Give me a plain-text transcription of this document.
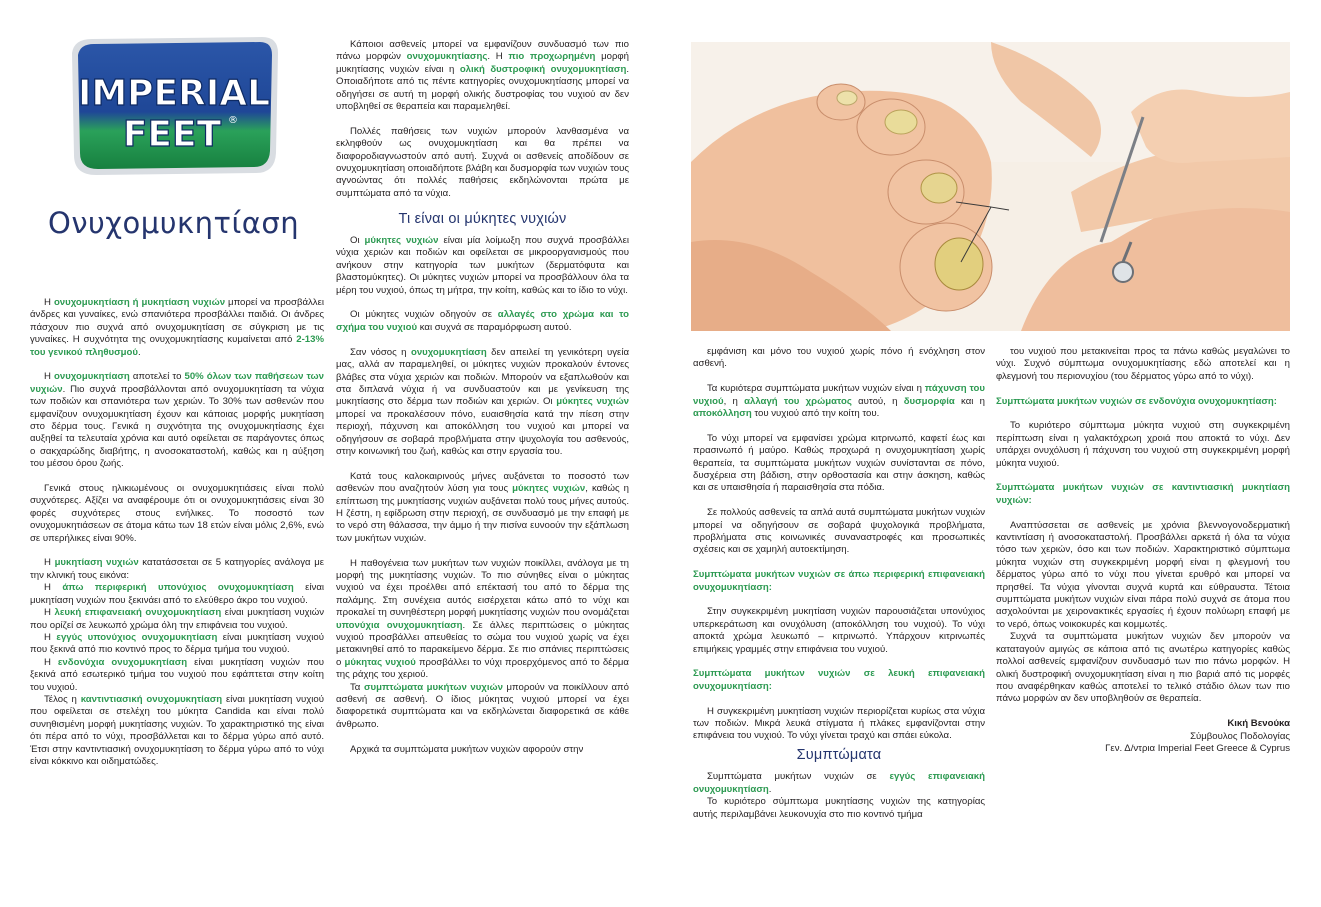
IMPERIAL
FEET ®
Ονυχομυκητίαση

Η ονυχομυκητίαση ή μυκητίαση νυχιών μπορεί να προσβάλλει άνδρες και γυναίκες, ενώ σπανιότερα προσβάλλει παιδιά. Οι άνδρες πάσχουν πιο συχνά από ονυχομυκητίαση σε σύγκριση με τις γυναίκες. Η συχνότητα της ονυχομυκητίασης κυμαίνεται από 2-13% του γενικού πληθυσμού.

Η ονυχομυκητίαση αποτελεί το 50% όλων των παθήσεων των νυχιών. Πιο συχνά προσβάλλονται από ονυχομυκητίαση τα νύχια των ποδιών και σπανιότερα των χεριών. Το 30% των ασθενών που εμφανίζουν ονυχομυκητίαση έχουν και κάποιας μορφής μυκητίαση στο δέρμα τους. Γενικά η συχνότητα της ονυχομυκητίασης έχει αυξηθεί τα τελευταία χρόνια και αυτό οφείλεται σε παράγοντες όπως ο σακχαρώδης διαβήτης, η ανοσοκαταστολή, καθώς και η αύξηση του μέσου όρου ζωής.

Γενικά στους ηλικιωμένους οι ονυχομυκητιάσεις είναι πολύ συχνότερες. Αξίζει να αναφέρουμε ότι οι ονυχομυκητιάσεις είναι 30 φορές συχνότερες στους ενήλικες. Το ποσοστό των ονυχομυκητιάσεων σε άτομα κάτω των 18 ετών είναι μόλις 2,6%, ενώ σε υπερήλικες είναι 90%.

Η μυκητίαση νυχιών κατατάσσεται σε 5 κατηγορίες ανάλογα με την κλινική τους εικόνα:

Η άπω περιφερική υπονύχιος ονυχομυκητίαση είναι μυκητίαση νυχιών που ξεκινάει από το ελεύθερο άκρο του νυχιού.

Η λευκή επιφανειακή ονυχομυκητίαση είναι μυκητίαση νυχιών που ορίζεί σε λευκωπό χρώμα όλη την επιφάνεια του νυχιού.

Η εγγύς υπονύχιος ονυχομυκητίαση είναι μυκητίαση νυχιού που ξεκινά από πιο κοντινό προς το δέρμα τμήμα του νυχιού.

Η ενδονύχια ονυχομυκητίαση είναι μυκητίαση νυχιών που ξεκινά από εσωτερικό τμήμα του νυχιού που εφάπτεται στην κοίτη του νυχιού.

Τέλος η καντιντιασική ονυχομυκητίαση είναι μυκητίαση νυχιού που οφείλεται σε στελέχη του μύκητα Candida και είναι πολύ συνηθισμένη μορφή μυκητίασης νυχιών. Το χαρακτηριστικό της είναι ότι πέρα από το νύχι, προσβάλλεται και το δέρμα γύρω από αυτό. Έτσι στην καντιντιασική ονυχομυκητίαση το δέρμα γύρω από το νύχι είναι κόκκινο και οιδηματώδες.

Κάποιοι ασθενείς μπορεί να εμφανίζουν συνδυασμό των πιο πάνω μορφών ονυχομυκητίασης. Η πιο προχωρημένη μορφή μυκητίασης νυχιών είναι η ολική δυστροφική ονυχομυκητίαση. Οποιαδήποτε από τις πέντε κατηγορίες ονυχομυκητίασης μπορεί να οδηγήσει σε αυτή τη μορφή ολικής δυστροφίας του νυχιού αν δεν υποβληθεί σε θεραπεία και παραμεληθεί.

Πολλές παθήσεις των νυχιών μπορούν λανθασμένα να εκληφθούν ως ονυχομυκητίαση και θα πρέπει να διαφοροδιαγνωστούν από αυτή. Συχνά οι ασθενείς αποδίδουν σε ονυχομυκητίαση οποιαδήποτε βλάβη και δυσμορφία των νυχιών τους αγνοώντας ότι πολλές παθήσεις εκδηλώνονται πρώτα με συμπτώματα από τα νύχια.

Τι είναι οι μύκητες νυχιών

Οι μύκητες νυχιών είναι μία λοίμωξη που συχνά προσβάλλει νύχια χεριών και ποδιών και οφείλεται σε μικροοργανισμούς που ανήκουν στην κατηγορία των μυκήτων (δερματόφυτα και βλαστομύκητες). Οι μύκητες νυχιών μπορεί να προσβάλλουν όλα τα μέρη του νυχιού, όπως τη μήτρα, την κοίτη, καθώς και το ίδιο το νύχι.

Οι μύκητες νυχιών οδηγούν σε αλλαγές στο χρώμα και το σχήμα του νυχιού και συχνά σε παραμόρφωση αυτού.

Σαν νόσος η ονυχομυκητίαση δεν απειλεί τη γενικότερη υγεία μας, αλλά αν παραμεληθεί, οι μύκητες νυχιών προκαλούν έντονες βλάβες στα νύχια χεριών και ποδιών. Μπορούν να εξαπλωθούν και στα διπλανά νύχια ή να συνδυαστούν και με γενίκευση της μυκητίασης στο δέρμα των ποδιών και χεριών. Οι μύκητες νυχιών μπορεί να προκαλέσουν πόνο, ευαισθησία κατά την πίεση στην περιοχή, πάχυνση και αποκόλληση του νυχιού και μπορεί να οδηγήσουν σε σοβαρά προβλήματα στην ψυχολογία του ασθενούς, στην κοινωνική του ζωή, καθώς και στην εργασία του.

Κατά τους καλοκαιρινούς μήνες αυξάνεται το ποσοστό των ασθενών που αναζητούν λύση για τους μύκητες νυχιών, καθώς η επίπτωση της μυκητίασης νυχιών αυξάνεται πολύ τους μήνες αυτούς. Η ζέστη, η εφίδρωση στην περιοχή, σε συνδυασμό με την επαφή με το νερό στη θάλασσα, την άμμο ή την πισίνα ευνοούν την εξάπλωση των μυκήτων νυχιών.

Η παθογένεια των μυκήτων των νυχιών ποικίλλει, ανάλογα με τη μορφή της μυκητίασης νυχιών. Το πιο σύνηθες είναι ο μύκητας νυχιού να έχει προέλθει από επέκτασή του από το δέρμα της παλάμης. Στη συνέχεια αυτός εισέρχεται κάτω από το νύχι και προκαλεί τη συνηθέστερη μορφή μυκητίασης νυχιών που ονομάζεται υπονύχια ονυχομυκητίαση. Σε άλλες περιπτώσεις ο μύκητας νυχιού προσβάλλει απευθείας το σώμα του νυχιού χωρίς να έχει μετακινηθεί από το παρακείμενο δέρμα. Σε πιο σπάνιες περιπτώσεις ο μύκητας νυχιού προσβάλλει το νύχι προερχόμενος από το δέρμα της ράχης του χεριού.

Τα συμπτώματα μυκήτων νυχιών μπορούν να ποικίλλουν από ασθενή σε ασθενή. Ο ίδιος μύκητας νυχιού μπορεί να έχει διαφορετικά συμπτώματα και να εκδηλώνεται διαφορετικά σε κάθε άνθρωπο.

Αρχικά τα συμπτώματα μυκήτων νυχιών αφορούν στην

εμφάνιση και μόνο του νυχιού χωρίς πόνο ή ενόχληση στον ασθενή.

Τα κυριότερα συμπτώματα μυκήτων νυχιών είναι η πάχυνση του νυχιού, η αλλαγή του χρώματος αυτού, η δυσμορφία και η αποκόλληση του νυχιού από την κοίτη του.

Το νύχι μπορεί να εμφανίσει χρώμα κιτρινωπό, καφετί έως και πρασινωπό ή μαύρο. Καθώς προχωρά η ονυχομυκητίαση χωρίς θεραπεία, τα συμπτώματα μυκήτων νυχιών συνίστανται σε πόνο, δυσχέρεια στη βάδιση, στην ορθοστασία και στην άσκηση, καθώς και σε υπαισθησία ή παραισθησία στα πόδια.

Σε πολλούς ασθενείς τα απλά αυτά συμπτώματα μυκήτων νυχιών μπορεί να οδηγήσουν σε σοβαρά ψυχολογικά προβλήματα, προβλήματα στις κοινωνικές συναναστροφές και προσωπικές σχέσεις και σε χαμηλή αυτοεκτίμηση.

Συμπτώματα μυκήτων νυχιών σε άπω περιφερική επιφανειακή ονυχομυκητίαση:

Στην συγκεκριμένη μυκητίαση νυχιών παρουσιάζεται υπονύχιος υπερκεράτωση και ονυχόλυση (αποκόλληση του νυχιού). Το νύχι αποκτά χρώμα λευκωπό – κιτρινωπό. Υπάρχουν κιτρινωπές επιμήκεις γραμμές στην επιφάνεια του νυχιού.

Συμπτώματα μυκήτων νυχιών σε λευκή επιφανειακή ονυχομυκητίαση:

Η συγκεκριμένη μυκητίαση νυχιών περιορίζεται κυρίως στα νύχια των ποδιών. Μικρά λευκά στίγματα ή πλάκες εμφανίζονται στην επιφάνεια του νυχιού. Το νύχι γίνεται τραχύ και σπάει εύκολα.

Συμπτώματα

Συμπτώματα μυκήτων νυχιών σε εγγύς επιφανειακή ονυχομυκητίαση.

Το κυριότερο σύμπτωμα μυκητίασης νυχιών της κατηγορίας αυτής περιλαμβάνει λευκονυχία στο πιο κοντινό τμήμα

του νυχιού που μετακινείται προς τα πάνω καθώς μεγαλώνει το νύχι. Συχνό σύμπτωμα ονυχομυκητίασης εδώ αποτελεί και η φλεγμονή του περιονυχίου (του δέρματος γύρω από το νύχι).

Συμπτώματα μυκήτων νυχιών σε ενδονύχια ονυχομυκητίαση:

Το κυριότερο σύμπτωμα μύκητα νυχιού στη συγκεκριμένη περίπτωση είναι η γαλακτόχρωη χροιά που αποκτά το νύχι. Δεν υπάρχει ονυχόλυση ή πάχυνση του νυχιού στη συγκεκριμένη μορφή μύκητα νυχιού.

Συμπτώματα μυκήτων νυχιών σε καντιντιασική μυκητίαση νυχιών:

Αναπτύσσεται σε ασθενείς με χρόνια βλεννογονοδερματική καντιντίαση ή ανοσοκαταστολή. Προσβάλλει αρκετά ή όλα τα νύχια τόσο των χεριών, όσο και των ποδιών. Χαρακτηριστικό σύμπτωμα μύκητα νυχιών στη συγκεκριμένη μορφή είναι η φλεγμονή του δέρματος γύρω από το νύχι που γίνεται ερυθρό και μπορεί να πρησθεί. Τα νύχια γίνονται συχνά κυρτά και εύθραυστα. Τέτοια συμπτώματα μυκήτων νυχιών είναι πάρα πολύ συχνά σε άτομα που ασχολούνται με χειρονακτικές εργασίες ή έχουν πολύωρη επαφή με το νερό, όπως νοικοκυρές και κομμωτές.

Συχνά τα συμπτώματα μυκήτων νυχιών δεν μπορούν να καταταγούν αμιγώς σε κάποια από τις ανωτέρω κατηγορίες καθώς πολλοί ασθενείς εμφανίζουν συνδυασμό των πιο πάνω μορφών. Η ολική δυστροφική ονυχομυκητίαση είναι η πιο βαριά από τις μορφές που αναφέρθηκαν καθώς αποτελεί το τελικό στάδιο όλων των πιο πάνω μορφών αν δεν υποβληθούν σε θεραπεία.

Κική Βενούκα

Σύμβουλος Ποδολογίας

Γεν. Δ/ντρια Imperial Feet Greece & Cyprus
